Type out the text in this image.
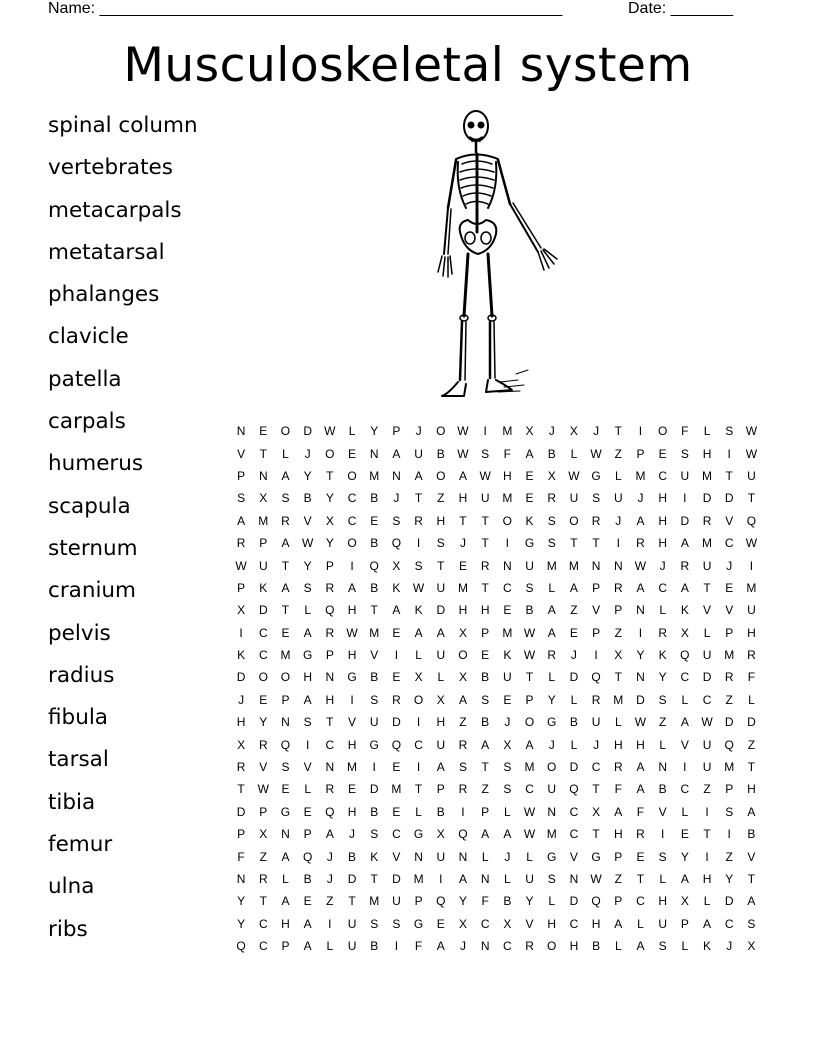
Name: ____________________________________________________	Date: _______
Musculoskeletal system
spinal column
vertebrates
metacarpals
metatarsal
phalanges
clavicle
patella
carpals
humerus
scapula
sternum
cranium
pelvis
radius
fibula
tarsal
tibia
femur
ulna
ribs
N	E	O	D	W	L	Y	P	J	O	W	I	M	X	J	X	J	T	I	O	F	L	S	W
V	T	L	J	O	E	N	A	U	B	W	S	F	A	B	L	W	Z	P	E	S	H	I	W
P	N	A	Y	T	O	M	N	A	O	A	W	H	E	X	W	G	L	M	C	U	M	T	U
S	X	S	B	Y	C	B	J	T	Z	H	U	M	E	R	U	S	U	J	H	I	D	D	T
A	M	R	V	X	C	E	S	R	H	T	T	O	K	S	O	R	J	A	H	D	R	V	Q
R	P	A	W	Y	O	B	Q	I	S	J	T	I	G	S	T	T	I	R	H	A	M	C	W
W	U	T	Y	P	I	Q	X	S	T	E	R	N	U	M	M	N	N	W	J	R	U	J	I
P	K	A	S	R	A	B	K	W	U	M	T	C	S	L	A	P	R	A	C	A	T	E	M
X	D	T	L	Q	H	T	A	K	D	H	H	E	B	A	Z	V	P	N	L	K	V	V	U
I	C	E	A	R	W	M	E	A	A	X	P	M	W	A	E	P	Z	I	R	X	L	P	H
K	C	M	G	P	H	V	I	L	U	O	E	K	W	R	J	I	X	Y	K	Q	U	M	R
D	O	O	H	N	G	B	E	X	L	X	B	U	T	L	D	Q	T	N	Y	C	D	R	F
J	E	P	A	H	I	S	R	O	X	A	S	E	P	Y	L	R	M	D	S	L	C	Z	L
H	Y	N	S	T	V	U	D	I	H	Z	B	J	O	G	B	U	L	W	Z	A	W	D	D
X	R	Q	I	C	H	G	Q	C	U	R	A	X	A	J	L	J	H	H	L	V	U	Q	Z
R	V	S	V	N	M	I	E	I	A	S	T	S	M	O	D	C	R	A	N	I	U	M	T
T	W	E	L	R	E	D	M	T	P	R	Z	S	C	U	Q	T	F	A	B	C	Z	P	H
D	P	G	E	Q	H	B	E	L	B	I	P	L	W	N	C	X	A	F	V	L	I	S	A
P	X	N	P	A	J	S	C	G	X	Q	A	A	W	M	C	T	H	R	I	E	T	I	B
F	Z	A	Q	J	B	K	V	N	U	N	L	J	L	G	V	G	P	E	S	Y	I	Z	V
N	R	L	B	J	D	T	D	M	I	A	N	L	U	S	N	W	Z	T	L	A	H	Y	T
Y	T	A	E	Z	T	M	U	P	Q	Y	F	B	Y	L	D	Q	P	C	H	X	L	D	A
Y	C	H	A	I	U	S	S	G	E	X	C	X	V	H	C	H	A	L	U	P	A	C	S
Q	C	P	A	L	U	B	I	F	A	J	N	C	R	O	H	B	L	A	S	L	K	J	X
